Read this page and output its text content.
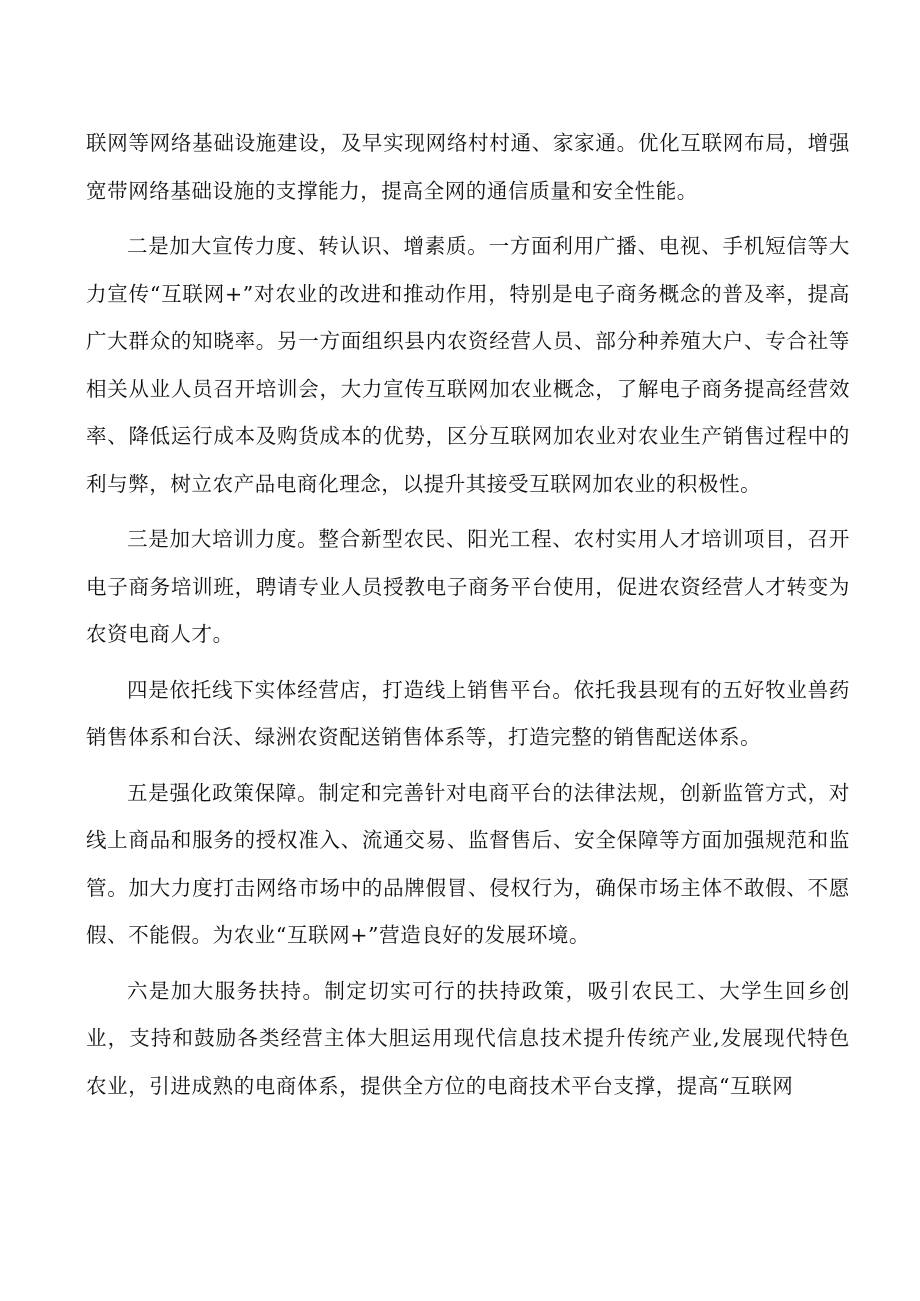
联网等网络基础设施建设，及早实现网络村村通、家家通。优化互联网布局，增强宽带网络基础设施的支撑能力，提高全网的通信质量和安全性能。

二是加大宣传力度、转认识、增素质。一方面利用广播、电视、手机短信等大力宣传“互联网+”对农业的改进和推动作用，特别是电子商务概念的普及率，提高广大群众的知晓率。另一方面组织县内农资经营人员、部分种养殖大户、专合社等相关从业人员召开培训会，大力宣传互联网加农业概念，了解电子商务提高经营效率、降低运行成本及购货成本的优势，区分互联网加农业对农业生产销售过程中的利与弊，树立农产品电商化理念，以提升其接受互联网加农业的积极性。

三是加大培训力度。整合新型农民、阳光工程、农村实用人才培训项目，召开电子商务培训班，聘请专业人员授教电子商务平台使用，促进农资经营人才转变为农资电商人才。

四是依托线下实体经营店，打造线上销售平台。依托我县现有的五好牧业兽药销售体系和台沃、绿洲农资配送销售体系等，打造完整的销售配送体系。

五是强化政策保障。制定和完善针对电商平台的法律法规，创新监管方式，对线上商品和服务的授权准入、流通交易、监督售后、安全保障等方面加强规范和监管。加大力度打击网络市场中的品牌假冒、侵权行为，确保市场主体不敢假、不愿假、不能假。为农业“互联网+”营造良好的发展环境。

六是加大服务扶持。制定切实可行的扶持政策，吸引农民工、大学生回乡创业，支持和鼓励各类经营主体大胆运用现代信息技术提升传统产业,发展现代特色农业，引进成熟的电商体系，提供全方位的电商技术平台支撑，提高“互联网
